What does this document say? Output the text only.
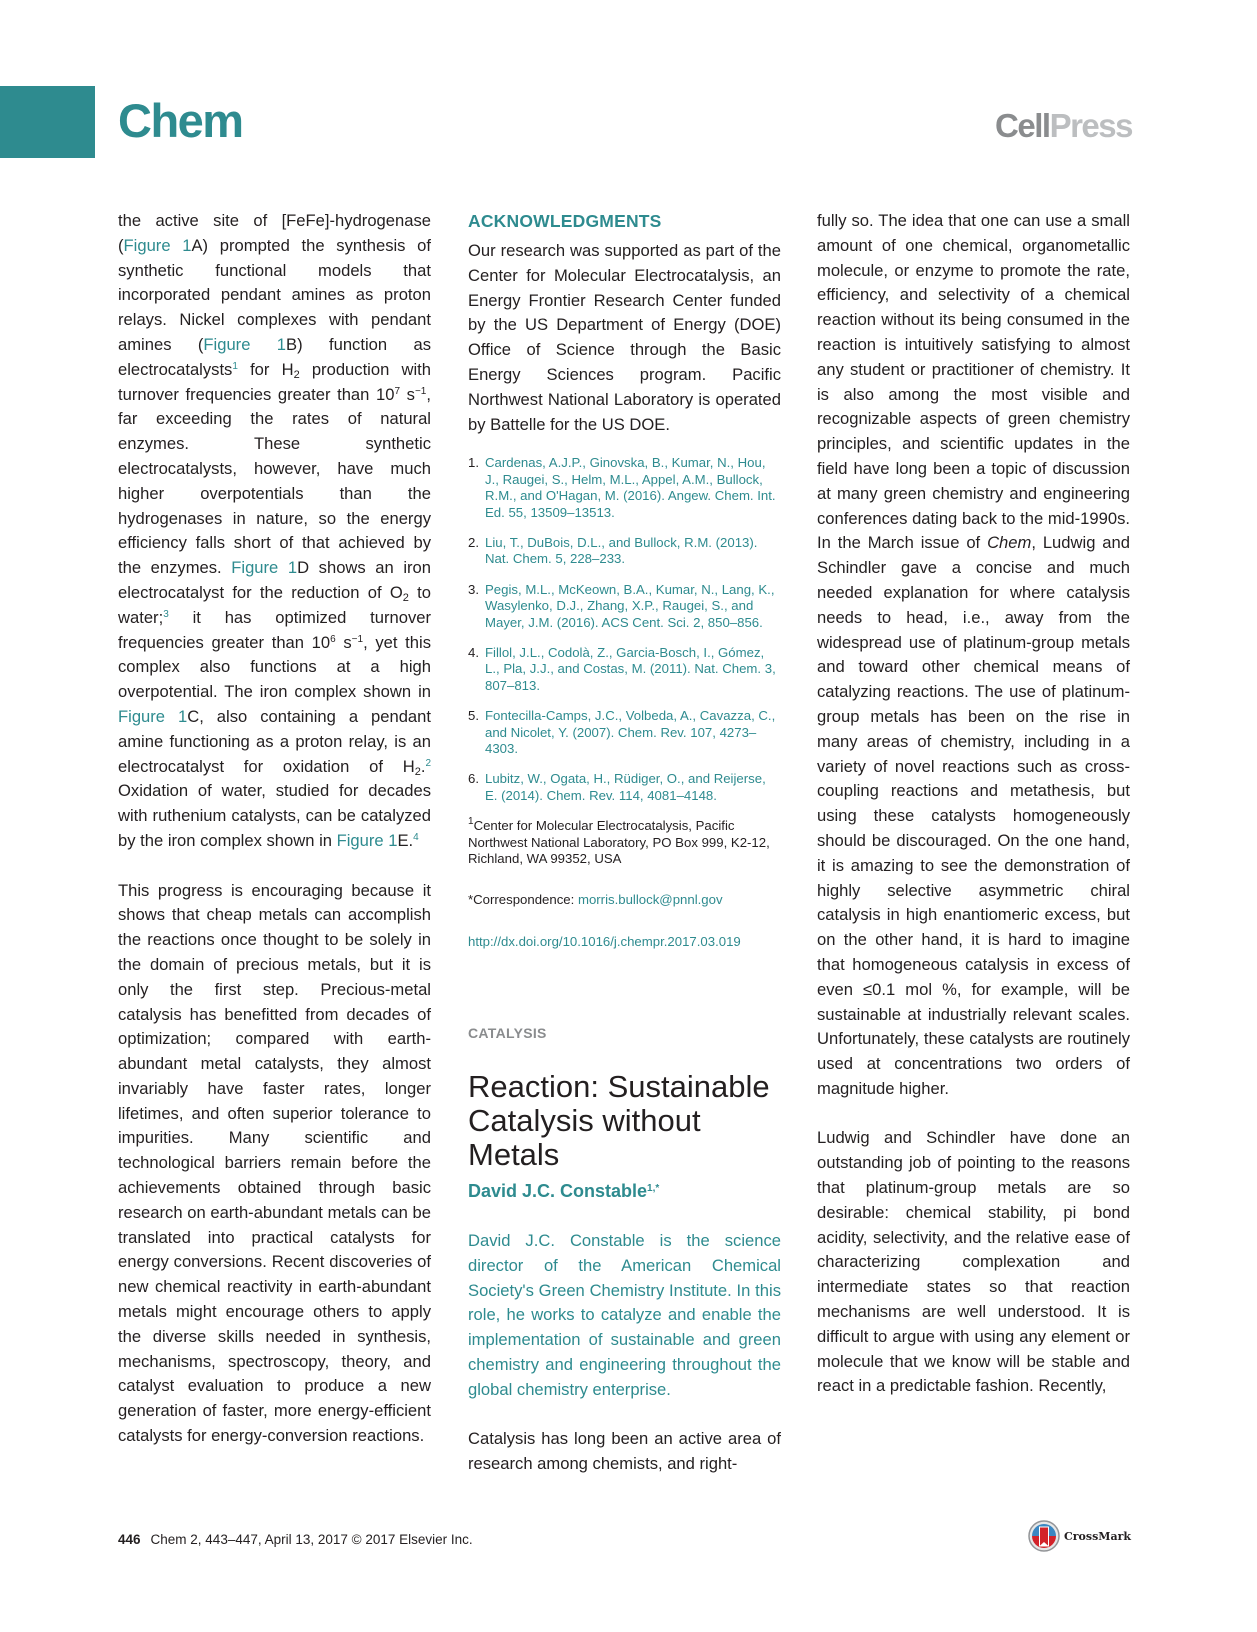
Chem	CellPress

the active site of [FeFe]-hydrogenase (Figure 1A) prompted the synthesis of synthetic functional models that incorporated pendant amines as proton relays. Nickel complexes with pendant amines (Figure 1B) function as electrocatalysts$^1$ for $H_2$ production with turnover frequencies greater than $10^7$ $s^{-1}$, far exceeding the rates of natural enzymes. These synthetic electrocatalysts, however, have much higher overpotentials than the hydrogenases in nature, so the energy efficiency falls short of that achieved by the enzymes. Figure 1D shows an iron electrocatalyst for the reduction of $O_2$ to water;$^3$ it has optimized turnover frequencies greater than $10^6$ $s^{-1}$, yet this complex also functions at a high overpotential. The iron complex shown in Figure 1C, also containing a pendant amine functioning as a proton relay, is an electrocatalyst for oxidation of $H_2.^2$ Oxidation of water, studied for decades with ruthenium catalysts, can be catalyzed by the iron complex shown in Figure 1E.$^4$

This progress is encouraging because it shows that cheap metals can accomplish the reactions once thought to be solely in the domain of precious metals, but it is only the first step. Precious-metal catalysis has benefitted from decades of optimization; compared with earth-abundant metal catalysts, they almost invariably have faster rates, longer lifetimes, and often superior tolerance to impurities. Many scientific and technological barriers remain before the achievements obtained through basic research on earth-abundant metals can be translated into practical catalysts for energy conversions. Recent discoveries of new chemical reactivity in earth-abundant metals might encourage others to apply the diverse skills needed in synthesis, mechanisms, spectroscopy, theory, and catalyst evaluation to produce a new generation of faster, more energy-efficient catalysts for energy-conversion reactions.

ACKNOWLEDGMENTS

Our research was supported as part of the Center for Molecular Electrocatalysis, an Energy Frontier Research Center funded by the US Department of Energy (DOE) Office of Science through the Basic Energy Sciences program. Pacific Northwest National Laboratory is operated by Battelle for the US DOE.

1. Cardenas, A.J.P., Ginovska, B., Kumar, N., Hou, J., Raugei, S., Helm, M.L., Appel, A.M., Bullock, R.M., and O'Hagan, M. (2016). Angew. Chem. Int. Ed. 55, 13509–13513.
2. Liu, T., DuBois, D.L., and Bullock, R.M. (2013). Nat. Chem. 5, 228–233.
3. Pegis, M.L., McKeown, B.A., Kumar, N., Lang, K., Wasylenko, D.J., Zhang, X.P., Raugei, S., and Mayer, J.M. (2016). ACS Cent. Sci. 2, 850–856.
4. Fillol, J.L., Codolà, Z., Garcia-Bosch, I., Gómez, L., Pla, J.J., and Costas, M. (2011). Nat. Chem. 3, 807–813.
5. Fontecilla-Camps, J.C., Volbeda, A., Cavazza, C., and Nicolet, Y. (2007). Chem. Rev. 107, 4273–4303.
6. Lubitz, W., Ogata, H., Rüdiger, O., and Reijerse, E. (2014). Chem. Rev. 114, 4081–4148.

$^1$Center for Molecular Electrocatalysis, Pacific Northwest National Laboratory, PO Box 999, K2-12, Richland, WA 99352, USA

*Correspondence: morris.bullock@pnnl.gov

http://dx.doi.org/10.1016/j.chempr.2017.03.019

CATALYSIS

Reaction: Sustainable Catalysis without Metals

David J.C. Constable$^{1,*}$

David J.C. Constable is the science director of the American Chemical Society's Green Chemistry Institute. In this role, he works to catalyze and enable the implementation of sustainable and green chemistry and engineering throughout the global chemistry enterprise.

Catalysis has long been an active area of research among chemists, and right-

fully so. The idea that one can use a small amount of one chemical, organometallic molecule, or enzyme to promote the rate, efficiency, and selectivity of a chemical reaction without its being consumed in the reaction is intuitively satisfying to almost any student or practitioner of chemistry. It is also among the most visible and recognizable aspects of green chemistry principles, and scientific updates in the field have long been a topic of discussion at many green chemistry and engineering conferences dating back to the mid-1990s. In the March issue of Chem, Ludwig and Schindler gave a concise and much needed explanation for where catalysis needs to head, i.e., away from the widespread use of platinum-group metals and toward other chemical means of catalyzing reactions. The use of platinum-group metals has been on the rise in many areas of chemistry, including in a variety of novel reactions such as cross-coupling reactions and metathesis, but using these catalysts homogeneously should be discouraged. On the one hand, it is amazing to see the demonstration of highly selective asymmetric chiral catalysis in high enantiomeric excess, but on the other hand, it is hard to imagine that homogeneous catalysis in excess of even ≤0.1 mol %, for example, will be sustainable at industrially relevant scales. Unfortunately, these catalysts are routinely used at concentrations two orders of magnitude higher.

Ludwig and Schindler have done an outstanding job of pointing to the reasons that platinum-group metals are so desirable: chemical stability, pi bond acidity, selectivity, and the relative ease of characterizing complexation and intermediate states so that reaction mechanisms are well understood. It is difficult to argue with using any element or molecule that we know will be stable and react in a predictable fashion. Recently,

446 Chem 2, 443–447, April 13, 2017 © 2017 Elsevier Inc.	CrossMark
